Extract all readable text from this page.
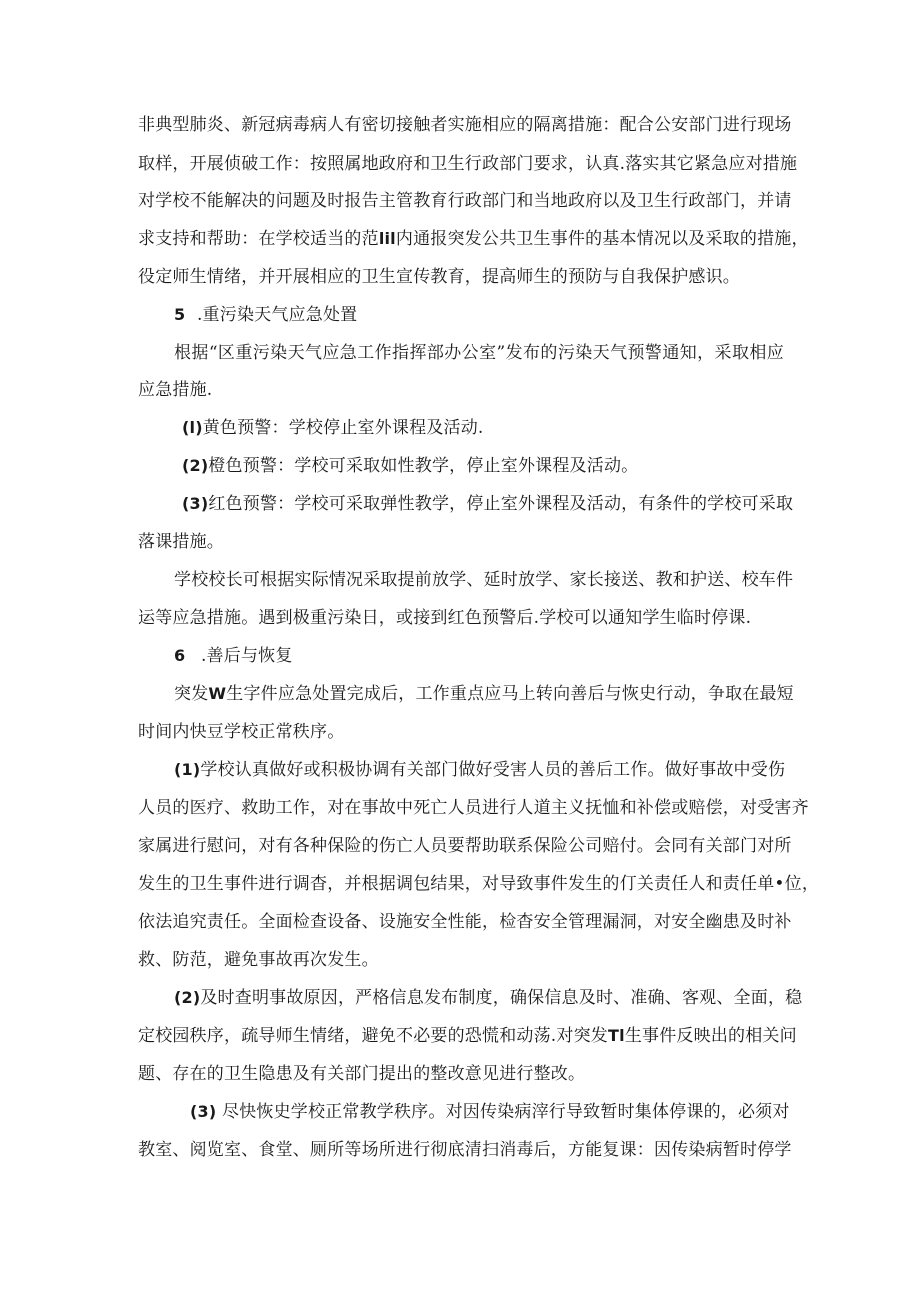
非典型肺炎、新冠病毒病人有密切接触者实施相应的隔离措施：配合公安部门进行现场
取样，开展侦破工作：按照属地政府和卫生行政部门要求，认真.落实其它紧急应对措施
对学校不能解决的问题及时报告主管教育行政部门和当地政府以及卫生行政部门，并请
求支持和帮助：在学校适当的范lil内通报突发公共卫生事件的基本情况以及采取的措施，
役定师生情绪，并开展相应的卫生宣传教育，提高师生的预防与自我保护感识。
5 .重污染天气应急处置
根据“区重污染天气应急工作指挥部办公室”发布的污染天气预警通知，采取相应
应急措施.
(l)黄色预警：学校停止室外课程及活动.
(2)橙色预警：学校可采取如性教学，停止室外课程及活动。
(3)红色预警：学校可采取弹性教学，停止室外课程及活动，有条件的学校可采取
落课措施。
学校校长可根据实际情况采取提前放学、延时放学、家长接送、教和护送、校车件
运等应急措施。遇到极重污染日，或接到红色预警后.学校可以通知学生临时停课.
6 .善后与恢复
突发W生字件应急处置完成后，工作重点应马上转向善后与恢史行动，争取在最短
时间内快豆学校正常秩序。
(1)学校认真做好或积极协调有关部门做好受害人员的善后工作。做好事故中受伤
人员的医疗、救助工作，对在事故中死亡人员进行人道主义抚恤和补偿或赔偿，对受害齐
家属进行慰问，对有各种保险的伤亡人员要帮助联系保险公司赔付。会同有关部门对所
发生的卫生事件进行调杳，并根据调包结果，对导致事件发生的仃关责任人和责任单•位，
依法追究责任。全面检查设备、设施安全性能，检杳安全管理漏洞，对安全幽患及时补
救、防范，避免事故再次发生。
(2)及时查明事故原因，严格信息发布制度，确保信息及时、准确、客观、全面，稳
定校园秩序，疏导师生情绪，避免不必要的恐慌和动荡.对突发Tl生事件反映出的相关问
题、存在的卫生隐患及有关部门提出的整改意见进行整改。
(3) 尽快恢史学校正常教学秩序。对因传染病滓行导致暂时集体停课的，必须对
教室、阅览室、食堂、厕所等场所进行彻底清扫消毒后，方能复课：因传染病暂时停学
